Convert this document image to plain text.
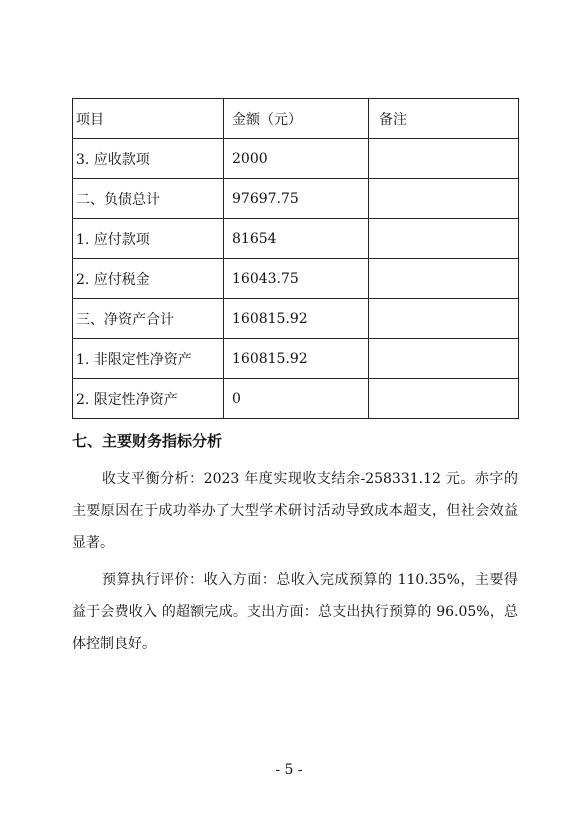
项目	金额（元）	备注
3. 应收款项	2000	
二、负债总计	97697.75	
1. 应付款项	81654	
2. 应付税金	16043.75	
三、净资产合计	160815.92	
1. 非限定性净资产	160815.92	
2. 限定性净资产	0	
七、主要财务指标分析

收支平衡分析：2023 年度实现收支结余-258331.12 元。赤字的主要原因在于成功举办了大型学术研讨活动导致成本超支，但社会效益显著。

预算执行评价：收入方面：总收入完成预算的 110.35%，主要得益于会费收入 的超额完成。支出方面：总支出执行预算的 96.05%，总体控制良好。

- 5 -
